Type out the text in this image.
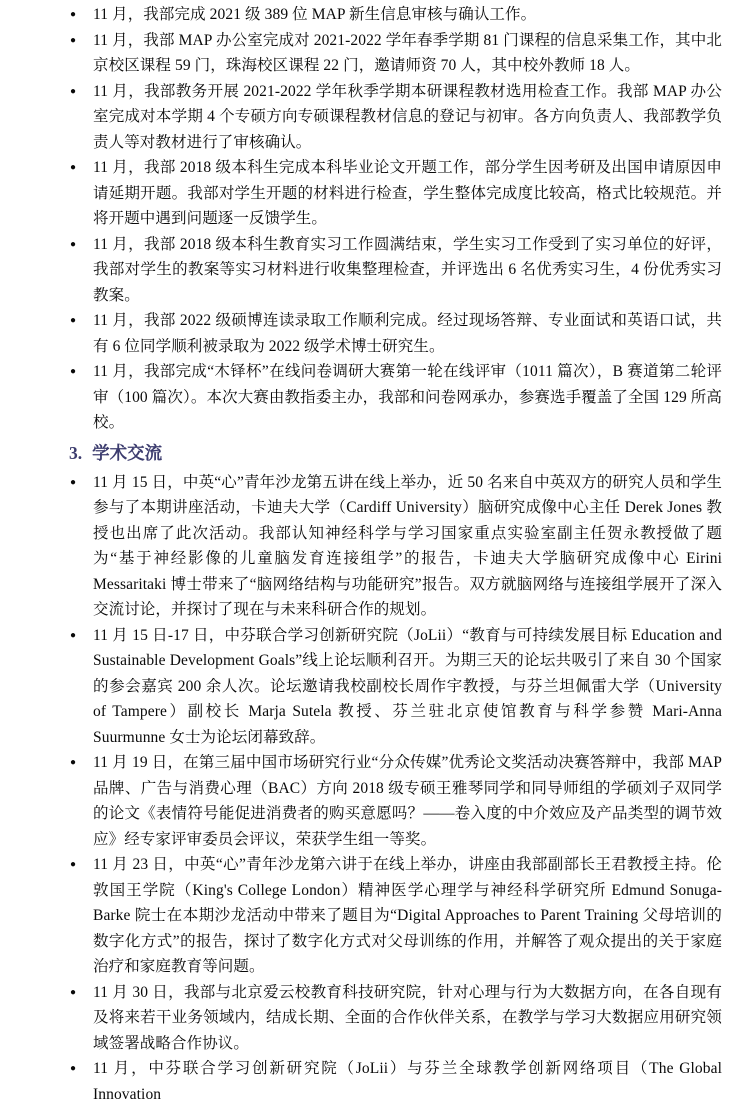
● 11 月，我部完成 2021 级 389 位 MAP 新生信息审核与确认工作。
● 11 月，我部 MAP 办公室完成对 2021-2022 学年春季学期 81 门课程的信息采集工作，其中北京校区课程 59 门，珠海校区课程 22 门，邀请师资 70 人，其中校外教师 18 人。
● 11 月，我部教务开展 2021-2022 学年秋季学期本研课程教材选用检查工作。我部 MAP 办公室完成对本学期 4 个专硕方向专硕课程教材信息的登记与初审。各方向负责人、我部教学负责人等对教材进行了审核确认。
● 11 月，我部 2018 级本科生完成本科毕业论文开题工作，部分学生因考研及出国申请原因申请延期开题。我部对学生开题的材料进行检查，学生整体完成度比较高，格式比较规范。并将开题中遇到问题逐一反馈学生。
● 11 月，我部 2018 级本科生教育实习工作圆满结束，学生实习工作受到了实习单位的好评，我部对学生的教案等实习材料进行收集整理检查，并评选出 6 名优秀实习生，4 份优秀实习教案。
● 11 月，我部 2022 级硕博连读录取工作顺利完成。经过现场答辩、专业面试和英语口试，共有 6 位同学顺利被录取为 2022 级学术博士研究生。
● 11 月，我部完成“木铎杯”在线问卷调研大赛第一轮在线评审（1011 篇次），B 赛道第二轮评审（100 篇次）。本次大赛由教指委主办，我部和问卷网承办，参赛选手覆盖了全国 129 所高校。
3. 学术交流
● 11 月 15 日，中英“心”青年沙龙第五讲在线上举办，近 50 名来自中英双方的研究人员和学生参与了本期讲座活动，卡迪夫大学（Cardiff University）脑研究成像中心主任 Derek Jones 教授也出席了此次活动。我部认知神经科学与学习国家重点实验室副主任贺永教授做了题为“基于神经影像的儿童脑发育连接组学”的报告，卡迪夫大学脑研究成像中心 Eirini Messaritaki 博士带来了“脑网络结构与功能研究”报告。双方就脑网络与连接组学展开了深入交流讨论，并探讨了现在与未来科研合作的规划。
● 11 月 15 日-17 日，中芬联合学习创新研究院（JoLii）“教育与可持续发展目标 Education and Sustainable Development Goals”线上论坛顺利召开。为期三天的论坛共吸引了来自 30 个国家的参会嘉宾 200 余人次。论坛邀请我校副校长周作宇教授，与芬兰坦佩雷大学（University of Tampere）副校长 Marja Sutela 教授、芬兰驻北京使馆教育与科学参赞 Mari-Anna Suurmunne 女士为论坛闭幕致辞。
● 11 月 19 日，在第三届中国市场研究行业“分众传媒”优秀论文奖活动决赛答辩中，我部 MAP 品牌、广告与消费心理（BAC）方向 2018 级专硕王雅琴同学和同导师组的学硕刘子双同学的论文《表情符号能促进消费者的购买意愿吗？——卷入度的中介效应及产品类型的调节效应》经专家评审委员会评议，荣获学生组一等奖。
● 11 月 23 日，中英“心”青年沙龙第六讲于在线上举办，讲座由我部副部长王君教授主持。伦敦国王学院（King's College London）精神医学心理学与神经科学研究所 Edmund Sonuga-Barke 院士在本期沙龙活动中带来了题目为“Digital Approaches to Parent Training 父母培训的数字化方式”的报告，探讨了数字化方式对父母训练的作用，并解答了观众提出的关于家庭治疗和家庭教育等问题。
● 11 月 30 日，我部与北京爱云校教育科技研究院，针对心理与行为大数据方向，在各自现有及将来若干业务领域内，结成长期、全面的合作伙伴关系，在教学与学习大数据应用研究领域签署战略合作协议。
● 11 月，中芬联合学习创新研究院（JoLii）与芬兰全球教学创新网络项目（The Global Innovation
